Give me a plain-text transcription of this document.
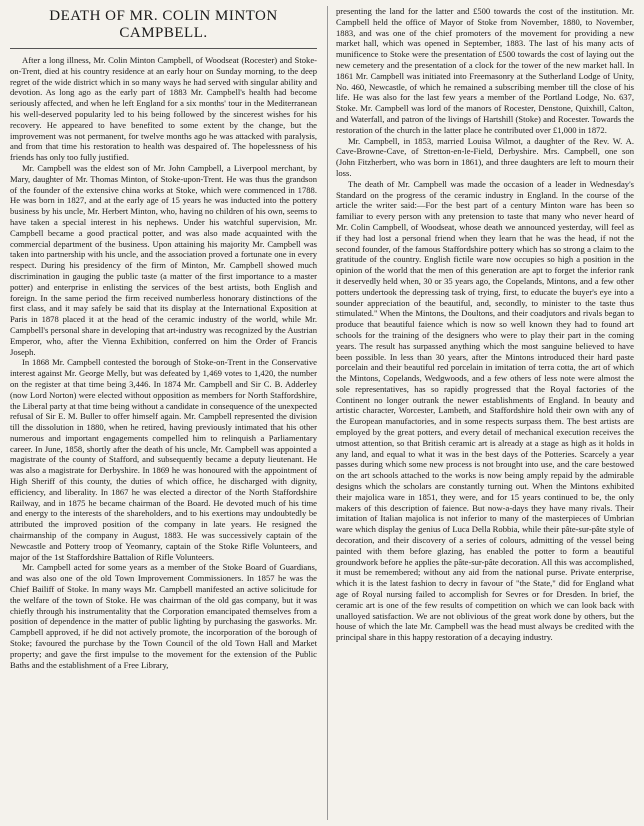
DEATH OF MR. COLIN MINTON CAMPBELL.

After a long illness, Mr. Colin Minton Campbell, of Woodseat (Rocester) and Stoke-on-Trent, died at his country residence at an early hour on Sunday morning, to the deep regret of the wide district which in so many ways he had served with singular ability and devotion. As long ago as the early part of 1883 Mr. Campbell's health had become seriously affected, and when he left England for a six months' tour in the Mediterranean his well-deserved popularity led to his being followed by the sincerest wishes for his recovery. He appeared to have benefited to some extent by the change, but the improvement was not permanent, for twelve months ago he was attacked with paralysis, and from that time his restoration to health was despaired of. The hopelessness of his friends has only too fully justified.

Mr. Campbell was the eldest son of Mr. John Campbell, a Liverpool merchant, by Mary, daughter of Mr. Thomas Minton, of Stoke-upon-Trent. He was thus the grandson of the founder of the extensive china works at Stoke, which were commenced in 1788. He was born in 1827, and at the early age of 15 years he was inducted into the pottery business by his uncle, Mr. Herbert Minton, who, having no children of his own, seems to have taken a special interest in his nephews. Under his watchful supervision, Mr. Campbell became a good practical potter, and was also made acquainted with the commercial department of the business. Upon attaining his majority Mr. Campbell was taken into partnership with his uncle, and the association proved a fortunate one in every respect. During his presidency of the firm of Minton, Mr. Campbell showed much discrimination in gauging the public taste (a matter of the first importance to a master potter) and enterprise in enlisting the services of the best artists, both English and foreign. In the same period the firm received numberless honorary distinctions of the first class, and it may safely be said that its display at the International Exposition at Paris in 1878 placed it at the head of the ceramic industry of the world, while Mr. Campbell's personal share in developing that art-industry was recognized by the Austrian Emperor, who, after the Vienna Exhibition, conferred on him the Order of Francis Joseph.

In 1868 Mr. Campbell contested the borough of Stoke-on-Trent in the Conservative interest against Mr. George Melly, but was defeated by 1,469 votes to 1,420, the number on the register at that time being 3,446. In 1874 Mr. Campbell and Sir C. B. Adderley (now Lord Norton) were elected without opposition as members for North Staffordshire, the Liberal party at that time being without a candidate in consequence of the unexpected refusal of Sir E. M. Buller to offer himself again. Mr. Campbell represented the division till the dissolution in 1880, when he retired, having previously intimated that his other numerous and important engagements compelled him to relinquish a Parliamentary career. In June, 1858, shortly after the death of his uncle, Mr. Campbell was appointed a magistrate of the county of Stafford, and subsequently became a deputy lieutenant. He was also a magistrate for Derbyshire. In 1869 he was honoured with the appointment of High Sheriff of this county, the duties of which office, he discharged with dignity, efficiency, and liberality. In 1867 he was elected a director of the North Staffordshire Railway, and in 1875 he became chairman of the Board. He devoted much of his time and energy to the interests of the shareholders, and to his exertions may undoubtedly be attributed the improved position of the company in late years. He resigned the chairmanship of the company in August, 1883. He was successively captain of the Newcastle and Pottery troop of Yeomanry, captain of the Stoke Rifle Volunteers, and major of the 1st Staffordshire Battalion of Rifle Volunteers.

Mr. Campbell acted for some years as a member of the Stoke Board of Guardians, and was also one of the old Town Improvement Commissioners. In 1857 he was the Chief Bailiff of Stoke. In many ways Mr. Campbell manifested an active solicitude for the welfare of the town of Stoke. He was chairman of the old gas company, but it was chiefly through his instrumentality that the Corporation emancipated themselves from a position of dependence in the matter of public lighting by purchasing the gasworks. Mr. Campbell approved, if he did not actively promote, the incorporation of the borough of Stoke; favoured the purchase by the Town Council of the old Town Hall and Market property; and gave the first impulse to the movement for the extension of the Public Baths and the establishment of a Free Library,

presenting the land for the latter and £500 towards the cost of the institution. Mr. Campbell held the office of Mayor of Stoke from November, 1880, to November, 1883, and was one of the chief promoters of the movement for providing a new market hall, which was opened in September, 1883. The last of his many acts of munificence to Stoke were the presentation of £500 towards the cost of laying out the new cemetery and the presentation of a clock for the tower of the new market hall. In 1861 Mr. Campbell was initiated into Freemasonry at the Sutherland Lodge of Unity, No. 460, Newcastle, of which he remained a subscribing member till the close of his life. He was also for the last few years a member of the Portland Lodge, No. 637, Stoke. Mr. Campbell was lord of the manors of Rocester, Denstone, Quixhill, Calton, and Waterfall, and patron of the livings of Hartshill (Stoke) and Rocester. Towards the restoration of the church in the latter place he contributed over £1,000 in 1872.

Mr. Campbell, in 1853, married Louisa Wilmot, a daughter of the Rev. W. A. Cave-Browne-Cave, of Stretton-en-le-Field, Derbyshire. Mrs. Campbell, one son (John Fitzherbert, who was born in 1861), and three daughters are left to mourn their loss.

The death of Mr. Campbell was made the occasion of a leader in Wednesday's Standard on the progress of the ceramic industry in England. In the course of the article the writer said:—For the best part of a century Minton ware has been so familiar to every person with any pretension to taste that many who never heard of Mr. Colin Campbell, of Woodseat, whose death we announced yesterday, will feel as if they had lost a personal friend when they learn that he was the head, if not the second founder, of the famous Staffordshire pottery which has so strong a claim to the gratitude of the country. English fictile ware now occupies so high a position in the opinion of the world that the men of this generation are apt to forget the inferior rank it deservedly held when, 30 or 35 years ago, the Copelands, Mintons, and a few other potters undertook the depressing task of trying, first, to educate the buyer's eye into a sounder appreciation of the beautiful, and, secondly, to minister to the taste thus stimulated." When the Mintons, the Doultons, and their coadjutors and rivals began to produce that beautiful faience which is now so well known they had to found art schools for the training of the designers who were to play their part in the coming years. The result has surpassed anything which the most sanguine believed to have been possible. In less than 30 years, after the Mintons introduced their hard paste porcelain and their beautiful red porcelain in imitation of terra cotta, the art of which the Mintons, Copelands, Wedgwoods, and a few others of less note were almost the sole representatives, has so rapidly progressed that the Royal factories of the Continent no longer outrank the newer establishments of England. In beauty and artistic character, Worcester, Lambeth, and Staffordshire hold their own with any of the European manufactories, and in some respects surpass them. The best artists are employed by the great potters, and every detail of mechanical execution receives the utmost attention, so that British ceramic art is already at a stage as high as it holds in any land, and equal to what it was in the best days of the Potteries. Scarcely a year passes during which some new process is not brought into use, and the care bestowed on the art schools attached to the works is now being amply repaid by the admirable designs which the scholars are constantly turning out. When the Mintons exhibited their majolica ware in 1851, they were, and for 15 years continued to be, the only makers of this description of faience. But now-a-days they have many rivals. Their imitation of Italian majolica is not inferior to many of the masterpieces of Umbrian ware which display the genius of Luca Della Robbia, while their pâte-sur-pâte style of decoration, and their discovery of a series of colours, admitting of the vessel being painted with them before glazing, has enabled the potter to form a beautiful groundwork before he applies the pâte-sur-pâte decoration. All this was accomplished, it must be remembered; without any aid from the national purse. Private enterprise, which it is the latest fashion to decry in favour of "the State," did for England what age of Royal nursing failed to accomplish for Sevres or for Dresden. In brief, the ceramic art is one of the few results of competition on which we can look back with unalloyed satisfaction. We are not oblivious of the great work done by others, but the house of which the late Mr. Campbell was the head must always be credited with the principal share in this happy restoration of a decaying industry.
